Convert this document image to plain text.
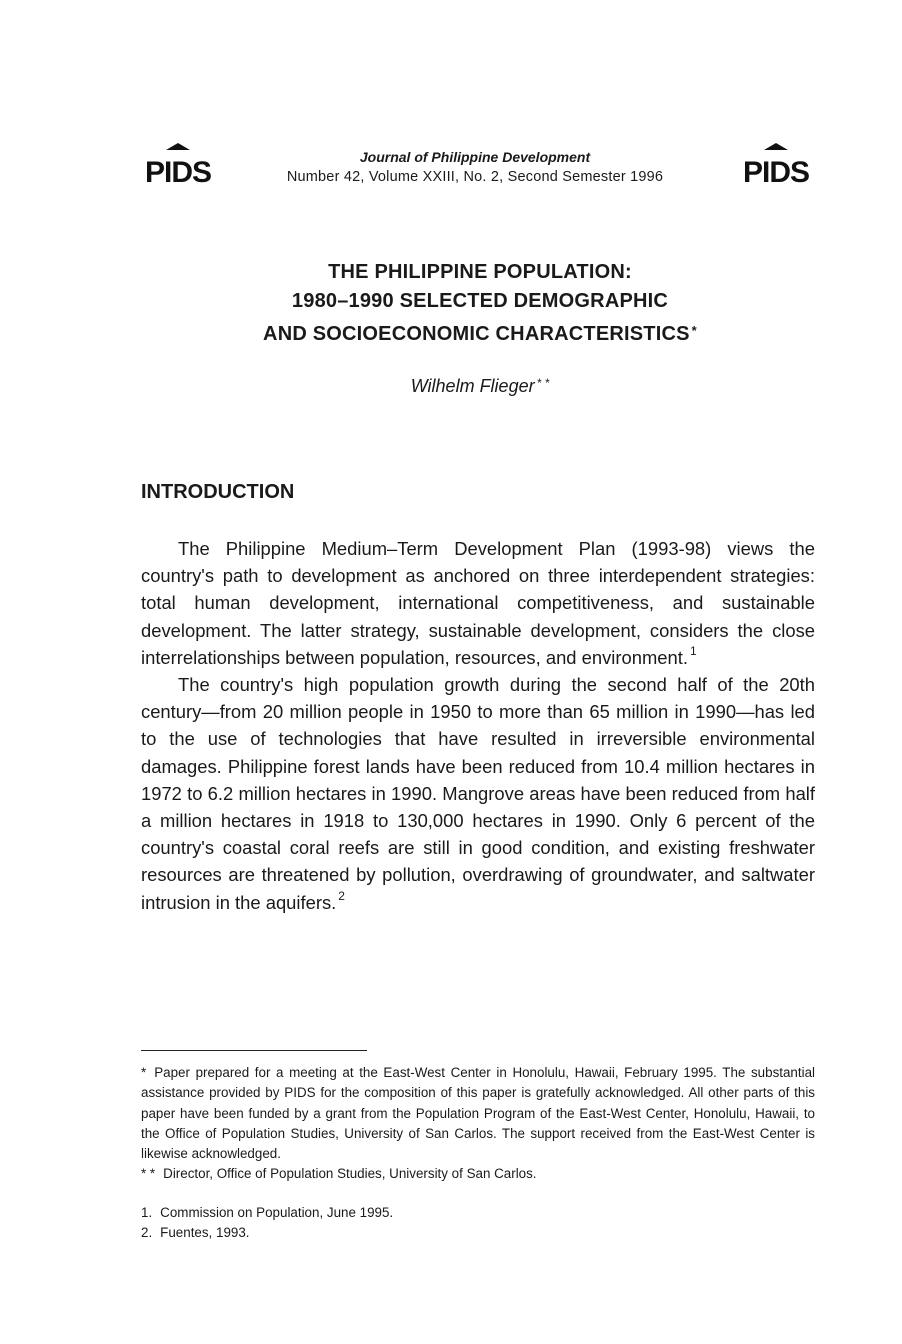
PIDS	Journal of Philippine Development
Number 42, Volume XXIII, No. 2, Second Semester 1996	PIDS
THE PHILIPPINE POPULATION:
1980–1990 SELECTED DEMOGRAPHIC
AND SOCIOECONOMIC CHARACTERISTICS *
Wilhelm Flieger * *
INTRODUCTION

The Philippine Medium–Term Development Plan (1993-98) views the country's path to development as anchored on three interdependent strategies: total human development, international competitiveness, and sustainable development. The latter strategy, sustainable development, considers the close interrelationships between population, resources, and environment. $^1$

The country's high population growth during the second half of the 20th century—from 20 million people in 1950 to more than 65 million in 1990—has led to the use of technologies that have resulted in irreversible environmental damages. Philippine forest lands have been reduced from 10.4 million hectares in 1972 to 6.2 million hectares in 1990. Mangrove areas have been reduced from half a million hectares in 1918 to 130,000 hectares in 1990. Only 6 percent of the country's coastal coral reefs are still in good condition, and existing freshwater resources are threatened by pollution, overdrawing of groundwater, and saltwater intrusion in the aquifers. $^2$

* Paper prepared for a meeting at the East-West Center in Honolulu, Hawaii, February 1995. The substantial assistance provided by PIDS for the composition of this paper is gratefully acknowledged. All other parts of this paper have been funded by a grant from the Population Program of the East-West Center, Honolulu, Hawaii, to the Office of Population Studies, University of San Carlos. The support received from the East-West Center is likewise acknowledged.

* * Director, Office of Population Studies, University of San Carlos.

1. Commission on Population, June 1995.

2. Fuentes, 1993.
